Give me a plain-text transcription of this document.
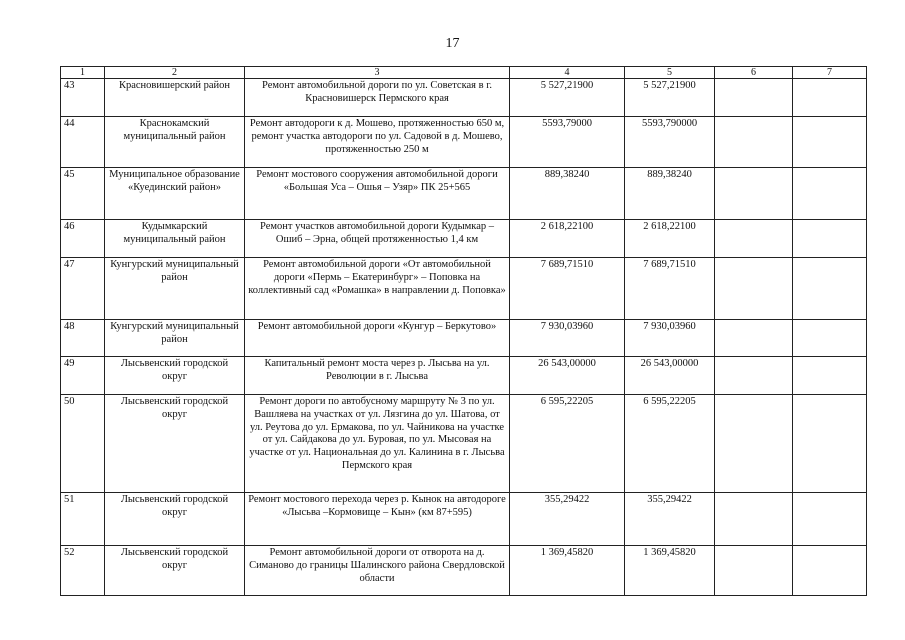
17
1	2	3	4	5	6	7
43	Красновишерский район	Ремонт автомобильной дороги по ул. Советская в г. Красновишерск Пермского края	5 527,21900	5 527,21900		
44	Краснокамский муниципальный район	Ремонт автодороги к д. Мошево, протяженностью 650 м, ремонт участка автодороги по ул. Садовой в д. Мошево, протяженностью 250 м	5593,79000	5593,790000		
45	Муниципальное образование «Куединский район»	Ремонт мостового сооружения автомобильной дороги «Большая Уса – Ошья – Узяр» ПК 25+565	889,38240	889,38240		
46	Кудымкарский муниципальный район	Ремонт участков автомобильной дороги Кудымкар – Ошиб – Эрна, общей протяженностью 1,4 км	2 618,22100	2 618,22100		
47	Кунгурский муниципальный район	Ремонт автомобильной дороги «От автомобильной дороги «Пермь – Екатеринбург» – Поповка на коллективный сад «Ромашка» в направлении д. Поповка»	7 689,71510	7 689,71510		
48	Кунгурский муниципальный район	Ремонт автомобильной дороги «Кунгур – Беркутово»	7 930,03960	7 930,03960		
49	Лысьвенский городской округ	Капитальный ремонт моста через р. Лысьва на ул. Революции в г. Лысьва	26 543,00000	26 543,00000		
50	Лысьвенский городской округ	Ремонт дороги по автобусному маршруту № 3 по ул. Вашляева на участках от ул. Лязгина до ул. Шатова, от ул. Реутова до ул. Ермакова, по ул. Чайникова на участке от ул. Сайдакова до ул. Буровая, по ул. Мысовая на участке от ул. Национальная до ул. Калинина в г. Лысьва Пермского края	6 595,22205	6 595,22205		
51	Лысьвенский городской округ	Ремонт мостового перехода через р. Кынок на автодороге «Лысьва –Кормовище – Кын» (км 87+595)	355,29422	355,29422		
52	Лысьвенский городской округ	Ремонт автомобильной дороги от отворота на д. Симаново до границы Шалинского района Свердловской области	1 369,45820	1 369,45820		
